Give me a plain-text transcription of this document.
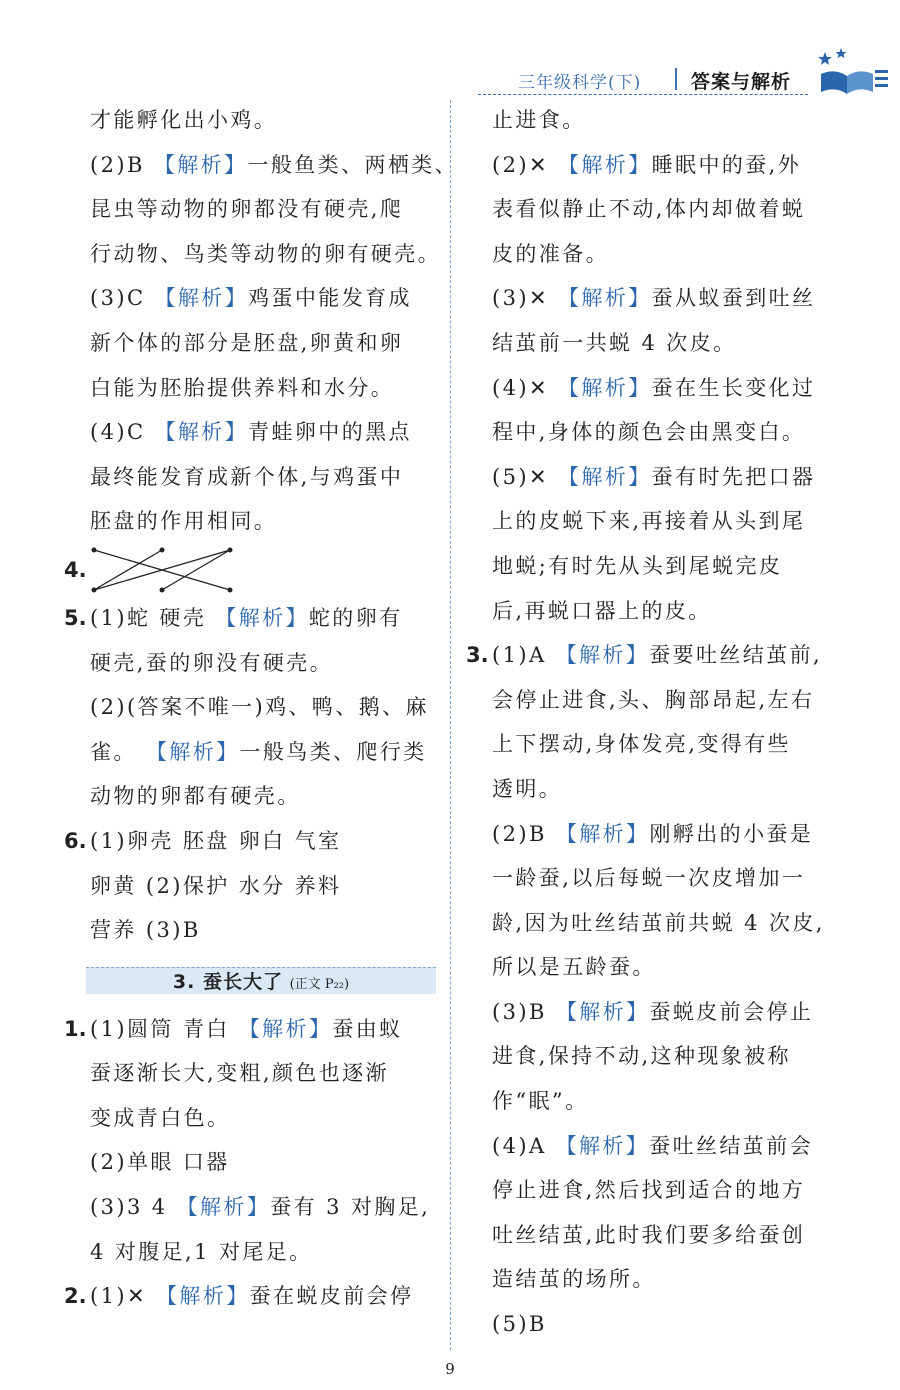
三年级科学(下)	答案与解析
才能孵化出小鸡。
(2)B 【解析】一般鱼类、两栖类、
昆虫等动物的卵都没有硬壳,爬
行动物、鸟类等动物的卵有硬壳。
(3)C 【解析】鸡蛋中能发育成
新个体的部分是胚盘,卵黄和卵
白能为胚胎提供养料和水分。
(4)C 【解析】青蛙卵中的黑点
最终能发育成新个体,与鸡蛋中
胚盘的作用相同。
4.
5. (1)蛇 硬壳 【解析】蛇的卵有
硬壳,蚕的卵没有硬壳。
(2)(答案不唯一)鸡、鸭、鹅、麻
雀。 【解析】一般鸟类、爬行类
动物的卵都有硬壳。
6. (1)卵壳 胚盘 卵白 气室
卵黄 (2)保护 水分 养料
营养 (3)B
3. 蚕长大了 (正文 P₂₂)
1. (1)圆筒 青白 【解析】蚕由蚁
蚕逐渐长大,变粗,颜色也逐渐
变成青白色。
(2)单眼 口器
(3)3 4 【解析】蚕有 3 对胸足,
4 对腹足,1 对尾足。
2. (1)✕ 【解析】蚕在蜕皮前会停
止进食。
(2)✕ 【解析】睡眠中的蚕,外
表看似静止不动,体内却做着蜕
皮的准备。
(3)✕ 【解析】蚕从蚁蚕到吐丝
结茧前一共蜕 4 次皮。
(4)✕ 【解析】蚕在生长变化过
程中,身体的颜色会由黑变白。
(5)✕ 【解析】蚕有时先把口器
上的皮蜕下来,再接着从头到尾
地蜕;有时先从头到尾蜕完皮
后,再蜕口器上的皮。
3. (1)A 【解析】蚕要吐丝结茧前,
会停止进食,头、胸部昂起,左右
上下摆动,身体发亮,变得有些
透明。
(2)B 【解析】刚孵出的小蚕是
一龄蚕,以后每蜕一次皮增加一
龄,因为吐丝结茧前共蜕 4 次皮,
所以是五龄蚕。
(3)B 【解析】蚕蜕皮前会停止
进食,保持不动,这种现象被称
作“眠”。
(4)A 【解析】蚕吐丝结茧前会
停止进食,然后找到适合的地方
吐丝结茧,此时我们要多给蚕创
造结茧的场所。
(5)B
9
